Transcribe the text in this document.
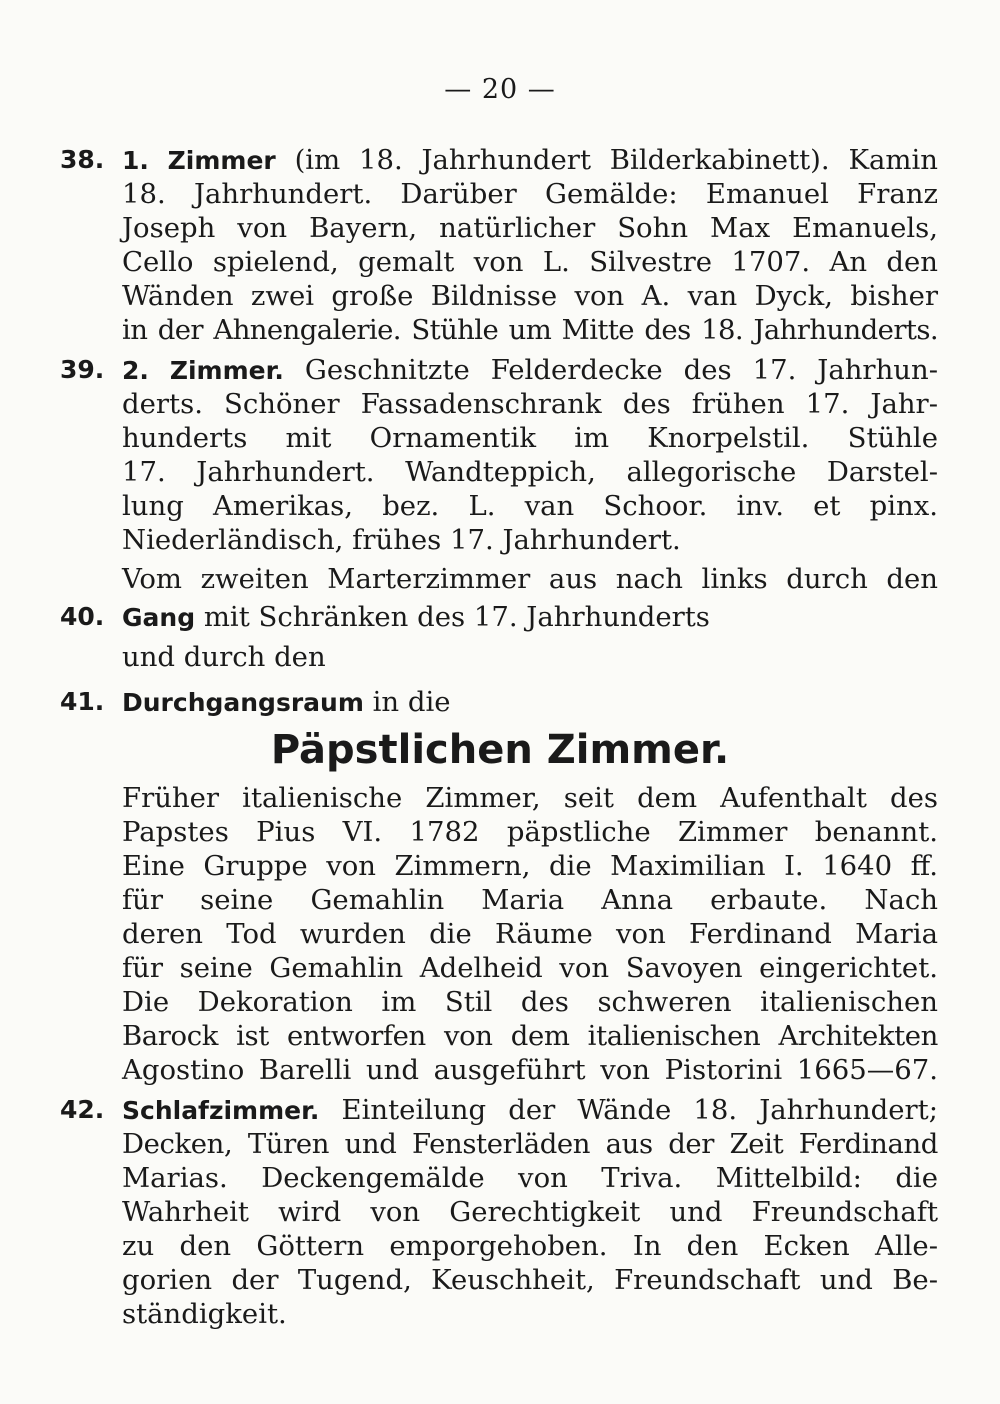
— 20 —
38. 1. Zimmer (im 18. Jahrhundert Bilderkabinett). Kamin
18. Jahrhundert. Darüber Gemälde: Emanuel Franz
Joseph von Bayern, natürlicher Sohn Max Emanuels,
Cello spielend, gemalt von L. Silvestre 1707. An den
Wänden zwei große Bildnisse von A. van Dyck, bisher
in der Ahnengalerie. Stühle um Mitte des 18. Jahrhunderts.
39. 2. Zimmer. Geschnitzte Felderdecke des 17. Jahrhun-
derts. Schöner Fassadenschrank des frühen 17. Jahr-
hunderts mit Ornamentik im Knorpelstil. Stühle
17. Jahrhundert. Wandteppich, allegorische Darstel-
lung Amerikas, bez. L. van Schoor. inv. et pinx.
Niederländisch, frühes 17. Jahrhundert.
Vom zweiten Marterzimmer aus nach links durch den
40. Gang mit Schränken des 17. Jahrhunderts
und durch den
41. Durchgangsraum in die
Päpstlichen Zimmer.
Früher italienische Zimmer, seit dem Aufenthalt des
Papstes Pius VI. 1782 päpstliche Zimmer benannt.
Eine Gruppe von Zimmern, die Maximilian I. 1640 ff.
für seine Gemahlin Maria Anna erbaute. Nach
deren Tod wurden die Räume von Ferdinand Maria
für seine Gemahlin Adelheid von Savoyen eingerichtet.
Die Dekoration im Stil des schweren italienischen
Barock ist entworfen von dem italienischen Architekten
Agostino Barelli und ausgeführt von Pistorini 1665—67.
42. Schlafzimmer. Einteilung der Wände 18. Jahrhundert;
Decken, Türen und Fensterläden aus der Zeit Ferdinand
Marias. Deckengemälde von Triva. Mittelbild: die
Wahrheit wird von Gerechtigkeit und Freundschaft
zu den Göttern emporgehoben. In den Ecken Alle-
gorien der Tugend, Keuschheit, Freundschaft und Be-
ständigkeit.
